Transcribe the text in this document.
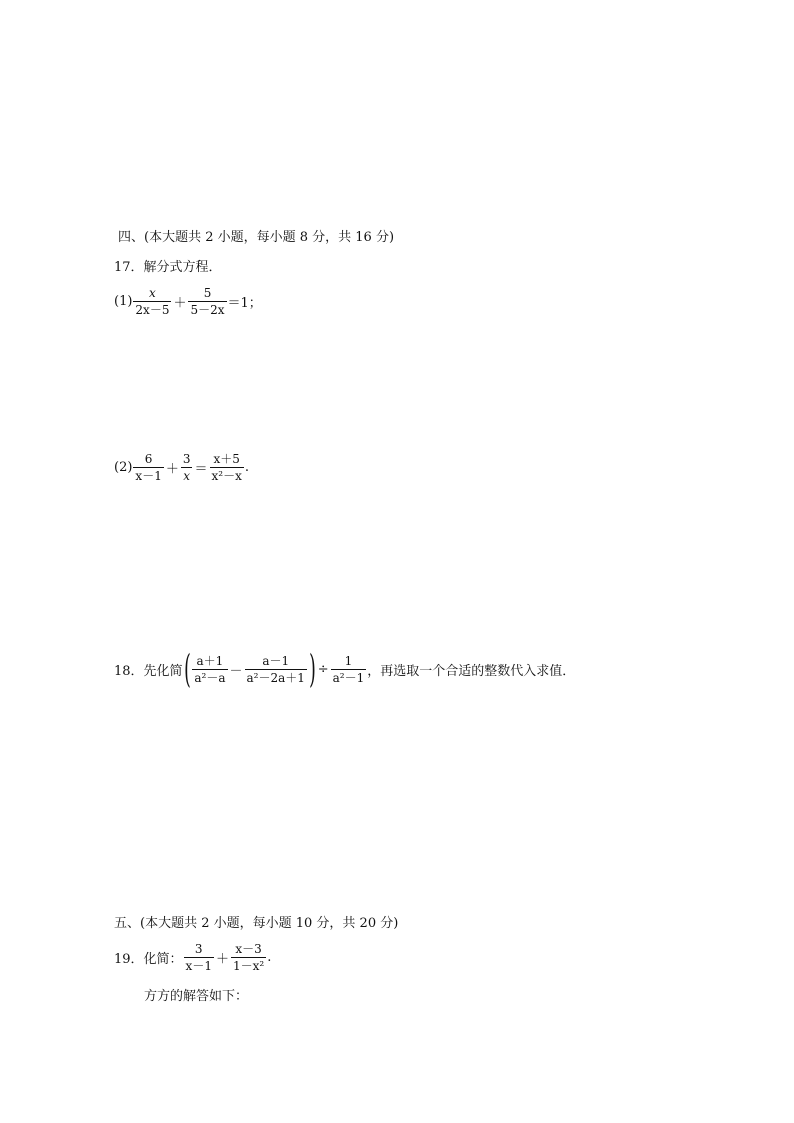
四、(本大题共 2 小题，每小题 8 分，共 16 分)
17．解分式方程．
$(1) \frac{x}{2x-5} + \frac{5}{5-2x} =1$；
$(2) \frac{6}{x-1} + \frac{3}{x} = \frac{x+5}{\text{x²－x}}$ .
18．先化简 ( $\frac{a+1}{\text{a²－a}} - \frac{a-1}{\text{a²－2a＋1}}$ ) ÷ $\frac{1}{\text{a²－1}}$ ，再选取一个合适的整数代入求值．
五、(本大题共 2 小题，每小题 10 分，共 20 分)
19．化简： $\frac{3}{x-1} + \frac{x-3}{\text{1－x²}}$ .
方方的解答如下：
